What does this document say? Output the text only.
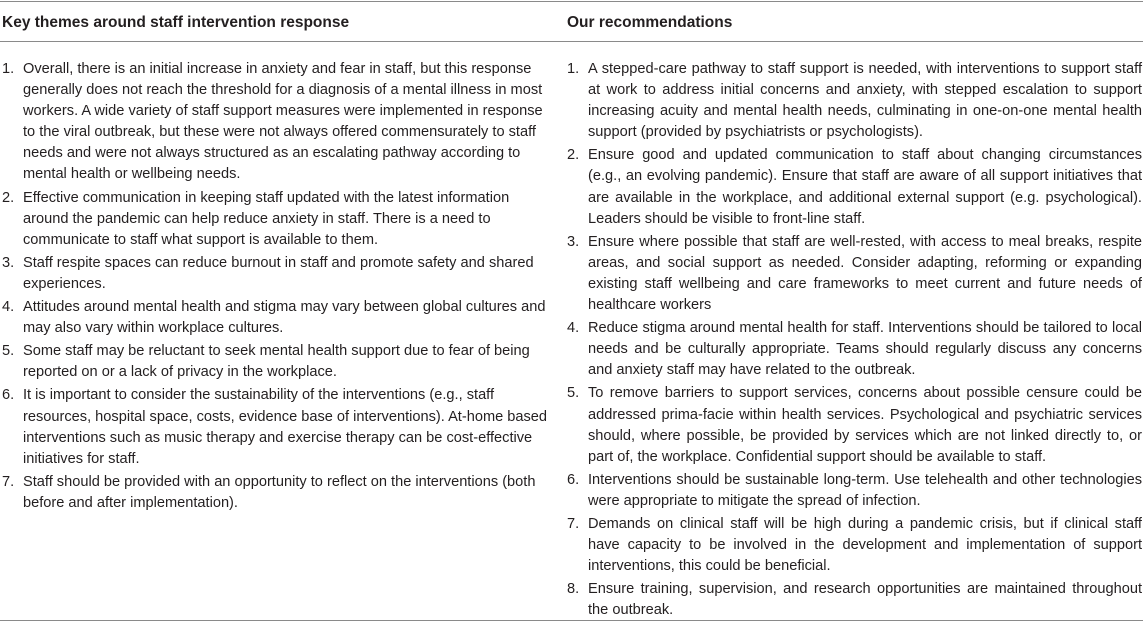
Key themes around staff intervention response	Our recommendations
1. Overall, there is an initial increase in anxiety and fear in staff, but this response generally does not reach the threshold for a diagnosis of a mental illness in most workers. A wide variety of staff support measures were implemented in response to the viral outbreak, but these were not always offered commensurately to staff needs and were not always structured as an escalating pathway according to mental health or wellbeing needs.
2. Effective communication in keeping staff updated with the latest information around the pandemic can help reduce anxiety in staff. There is a need to communicate to staff what support is available to them.
3. Staff respite spaces can reduce burnout in staff and promote safety and shared experiences.
4. Attitudes around mental health and stigma may vary between global cultures and may also vary within workplace cultures.
5. Some staff may be reluctant to seek mental health support due to fear of being reported on or a lack of privacy in the workplace.
6. It is important to consider the sustainability of the interventions (e.g., staff resources, hospital space, costs, evidence base of interventions). At-home based interventions such as music therapy and exercise therapy can be cost-effective initiatives for staff.
7. Staff should be provided with an opportunity to reflect on the interventions (both before and after implementation).
1. A stepped-care pathway to staff support is needed, with interventions to support staff at work to address initial concerns and anxiety, with stepped escalation to support increasing acuity and mental health needs, culminating in one-on-one mental health support (provided by psychiatrists or psychologists).
2. Ensure good and updated communication to staff about changing circumstances (e.g., an evolving pandemic). Ensure that staff are aware of all support initiatives that are available in the workplace, and additional external support (e.g. psychological). Leaders should be visible to front-line staff.
3. Ensure where possible that staff are well-rested, with access to meal breaks, respite areas, and social support as needed. Consider adapting, reforming or expanding existing staff wellbeing and care frameworks to meet current and future needs of healthcare workers
4. Reduce stigma around mental health for staff. Interventions should be tailored to local needs and be culturally appropriate. Teams should regularly discuss any concerns and anxiety staff may have related to the outbreak.
5. To remove barriers to support services, concerns about possible censure could be addressed prima-facie within health services. Psychological and psychiatric services should, where possible, be provided by services which are not linked directly to, or part of, the workplace. Confidential support should be available to staff.
6. Interventions should be sustainable long-term. Use telehealth and other technologies were appropriate to mitigate the spread of infection.
7. Demands on clinical staff will be high during a pandemic crisis, but if clinical staff have capacity to be involved in the development and implementation of support interventions, this could be beneficial.
8. Ensure training, supervision, and research opportunities are maintained throughout the outbreak.
